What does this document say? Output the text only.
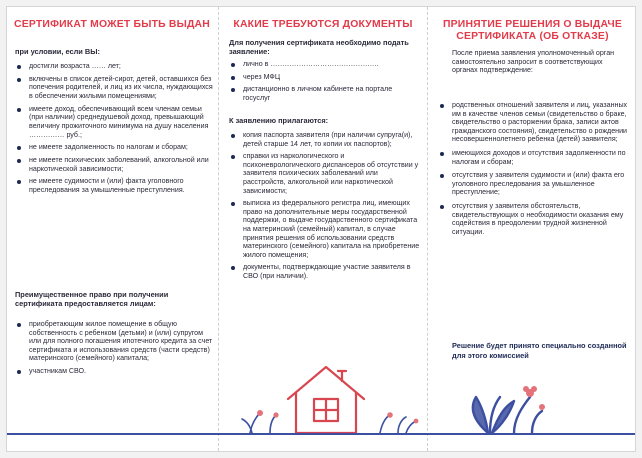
СЕРТИФИКАТ МОЖЕТ БЫТЬ ВЫДАН

при условии, если ВЫ:

достигли возраста …… лет;
включены в список детей-сирот, детей, оставшихся без попечения родителей, и лиц из их числа, нуждающихся в обеспечении жилыми помещениями;
имеете доход, обеспечивающий всем членам семьи (при наличии) среднедушевой доход, превышающий величину прожиточного минимума на душу населения …………… руб.;
не имеете задолженность по налогам и сборам;
не имеете психических заболеваний, алкогольной или наркотической зависимости;
не имеете судимости и (или) факта уголовного преследования за умышленные преступления.

Преимущественное право при получении сертификата предоставляется лицам:

приобретающим жилое помещение в общую собственность с ребенком (детьми) и (или) супругом или для полного погашения ипотечного кредита за счет сертификата и использования средств (части средств) материнского (семейного) капитала;
участникам СВО.
КАКИЕ ТРЕБУЮТСЯ ДОКУМЕНТЫ

Для получения сертификата необходимо подать заявление:

лично в ……………………………………….
через МФЦ
дистанционно в личном кабинете на портале госуслуг

К заявлению прилагаются:

копия паспорта заявителя (при наличии супруга(и), детей старше 14 лет, то копии их паспортов);
справки из наркологического и психоневрологического диспансеров об отсутствии у заявителя психических заболеваний или расстройств, алкогольной или наркотической зависимости;
выписка из федерального регистра лиц, имеющих право на дополнительные меры государственной поддержки, о выдаче государственного сертификата на материнский (семейный) капитал, в случае принятия решения об использовании средств материнского (семейного) капитала на приобретение жилого помещения;
документы, подтверждающие участие заявителя в СВО (при наличии).
ПРИНЯТИЕ РЕШЕНИЯ О ВЫДАЧЕ
СЕРТИФИКАТА (ОБ ОТКАЗЕ)

После приема заявления уполномоченный орган самостоятельно запросит в соответствующих органах подтверждение:

родственных отношений заявителя и лиц, указанных им в качестве членов семьи (свидетельство о браке, свидетельство о расторжении брака, записи актов гражданского состояния), свидетельство о рождении несовершеннолетнего ребенка (детей) заявителя;
имеющихся доходов и отсутствия задолженности по налогам и сборам;
отсутствия у заявителя судимости и (или) факта его уголовного преследования за умышленное преступление;
отсутствия у заявителя обстоятельств, свидетельствующих о необходимости оказания ему содействия в преодолении трудной жизненной ситуации.

Решение будет принято специально созданной для этого комиссией
